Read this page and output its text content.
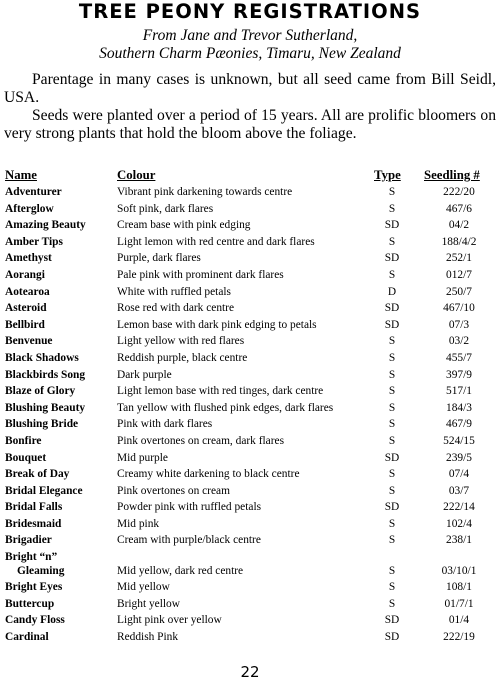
TREE PEONY REGISTRATIONS
From Jane and Trevor Sutherland,
Southern Charm Pæonies, Timaru, New Zealand
Parentage in many cases is unknown, but all seed came from Bill Seidl, USA.
Seeds were planted over a period of 15 years. All are prolific bloomers on very strong plants that hold the bloom above the foliage.
Name	Colour	Type Seedling #
Adventurer	Vibrant pink darkening towards centre	S	222/20
Afterglow	Soft pink, dark flares	S	467/6
Amazing Beauty	Cream base with pink edging	SD	04/2
Amber Tips	Light lemon with red centre and dark flares	S	188/4/2
Amethyst	Purple, dark flares	SD	252/1
Aorangi	Pale pink with prominent dark flares	S	012/7
Aotearoa	White with ruffled petals	D	250/7
Asteroid	Rose red with dark centre	SD	467/10
Bellbird	Lemon base with dark pink edging to petals	SD	07/3
Benvenue	Light yellow with red flares	S	03/2
Black Shadows	Reddish purple, black centre	S	455/7
Blackbirds Song	Dark purple	S	397/9
Blaze of Glory	Light lemon base with red tinges, dark centre	S	517/1
Blushing Beauty	Tan yellow with flushed pink edges, dark flares	S	184/3
Blushing Bride	Pink with dark flares	S	467/9
Bonfire	Pink overtones on cream, dark flares	S	524/15
Bouquet	Mid purple	SD	239/5
Break of Day	Creamy white darkening to black centre	S	07/4
Bridal Elegance	Pink overtones on cream	S	03/7
Bridal Falls	Powder pink with ruffled petals	SD	222/14
Bridesmaid	Mid pink	S	102/4
Brigadier	Cream with purple/black centre	S	238/1
Bright “n”
Gleaming	Mid yellow, dark red centre	S	03/10/1
Bright Eyes	Mid yellow	S	108/1
Buttercup	Bright yellow	S	01/7/1
Candy Floss	Light pink over yellow	SD	01/4
Cardinal	Reddish Pink	SD	222/19
22
